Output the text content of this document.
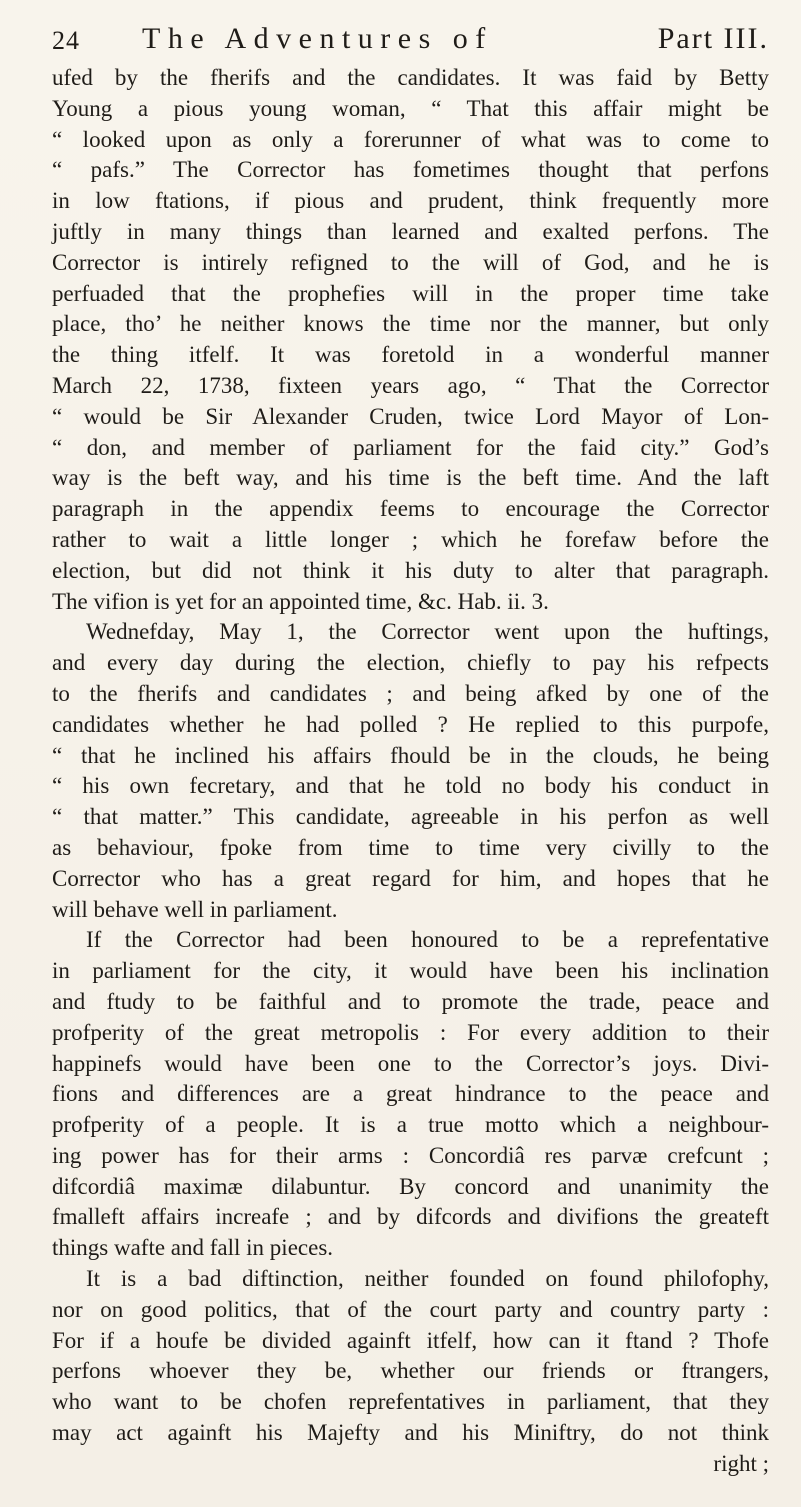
24 The Adventures of	Part III.

ufed by the fherifs and the candidates. It was faid by Betty

Young a pious young woman, “ That this affair might be

“ looked upon as only a forerunner of what was to come to

“ pafs.” The Corrector has fometimes thought that perfons

in low ftations, if pious and prudent, think frequently more

juftly in many things than learned and exalted perfons. The

Corrector is intirely refigned to the will of God, and he is

perfuaded that the prophefies will in the proper time take

place, tho’ he neither knows the time nor the manner, but only

the thing itfelf. It was foretold in a wonderful manner

March 22, 1738, fixteen years ago, “ That the Corrector

“ would be Sir Alexander Cruden, twice Lord Mayor of Lon-

“ don, and member of parliament for the faid city.” God’s

way is the beft way, and his time is the beft time. And the laft

paragraph in the appendix feems to encourage the Corrector

rather to wait a little longer ; which he forefaw before the

election, but did not think it his duty to alter that paragraph.

The vifion is yet for an appointed time, &c. Hab. ii. 3.

Wednefday, May 1, the Corrector went upon the huftings,

and every day during the election, chiefly to pay his refpects

to the fherifs and candidates ; and being afked by one of the

candidates whether he had polled ? He replied to this purpofe,

“ that he inclined his affairs fhould be in the clouds, he being

“ his own fecretary, and that he told no body his conduct in

“ that matter.” This candidate, agreeable in his perfon as well

as behaviour, fpoke from time to time very civilly to the

Corrector who has a great regard for him, and hopes that he

will behave well in parliament.

If the Corrector had been honoured to be a reprefentative

in parliament for the city, it would have been his inclination

and ftudy to be faithful and to promote the trade, peace and

profperity of the great metropolis : For every addition to their

happinefs would have been one to the Corrector’s joys. Divi-

fions and differences are a great hindrance to the peace and

profperity of a people. It is a true motto which a neighbour-

ing power has for their arms : Concordiâ res parvæ crefcunt ;

difcordiâ maximæ dilabuntur. By concord and unanimity the

fmalleft affairs increafe ; and by difcords and divifions the greateft

things wafte and fall in pieces.

It is a bad diftinction, neither founded on found philofophy,

nor on good politics, that of the court party and country party :

For if a houfe be divided againft itfelf, how can it ftand ? Thofe

perfons whoever they be, whether our friends or ftrangers,

who want to be chofen reprefentatives in parliament, that they

may act againft his Majefty and his Miniftry, do not think

right ;
